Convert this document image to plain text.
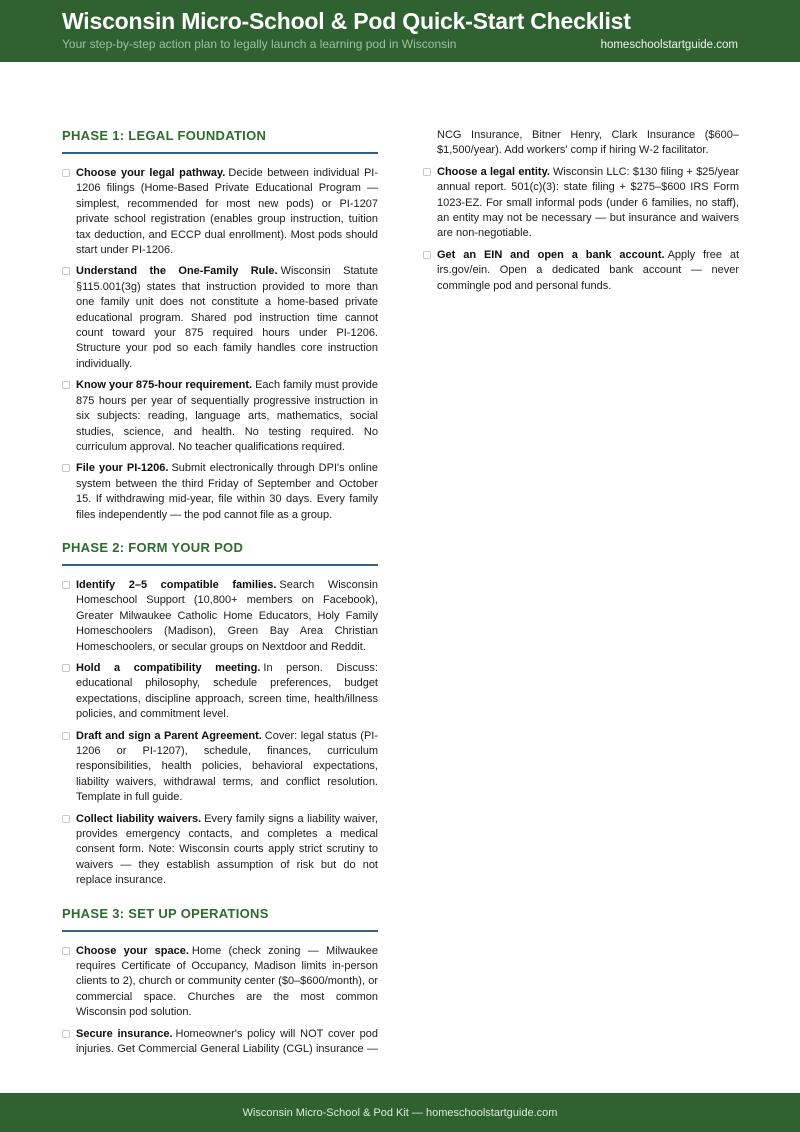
Wisconsin Micro-School & Pod Quick-Start Checklist

Your step-by-step action plan to legally launch a learning pod in Wisconsin	homeschoolstartguide.com
PHASE 1: LEGAL FOUNDATION
Choose your legal pathway. Decide between individual PI-1206 filings (Home-Based Private Educational Program — simplest, recommended for most new pods) or PI-1207 private school registration (enables group instruction, tuition tax deduction, and ECCP dual enrollment). Most pods should start under PI-1206.
Understand the One-Family Rule. Wisconsin Statute §115.001(3g) states that instruction provided to more than one family unit does not constitute a home-based private educational program. Shared pod instruction time cannot count toward your 875 required hours under PI-1206. Structure your pod so each family handles core instruction individually.
Know your 875-hour requirement. Each family must provide 875 hours per year of sequentially progressive instruction in six subjects: reading, language arts, mathematics, social studies, science, and health. No testing required. No curriculum approval. No teacher qualifications required.
File your PI-1206. Submit electronically through DPI's online system between the third Friday of September and October 15. If withdrawing mid-year, file within 30 days. Every family files independently — the pod cannot file as a group.
PHASE 2: FORM YOUR POD
Identify 2–5 compatible families. Search Wisconsin Homeschool Support (10,800+ members on Facebook), Greater Milwaukee Catholic Home Educators, Holy Family Homeschoolers (Madison), Green Bay Area Christian Homeschoolers, or secular groups on Nextdoor and Reddit.
Hold a compatibility meeting. In person. Discuss: educational philosophy, schedule preferences, budget expectations, discipline approach, screen time, health/illness policies, and commitment level.
Draft and sign a Parent Agreement. Cover: legal status (PI-1206 or PI-1207), schedule, finances, curriculum responsibilities, health policies, behavioral expectations, liability waivers, withdrawal terms, and conflict resolution. Template in full guide.
Collect liability waivers. Every family signs a liability waiver, provides emergency contacts, and completes a medical consent form. Note: Wisconsin courts apply strict scrutiny to waivers — they establish assumption of risk but do not replace insurance.
PHASE 3: SET UP OPERATIONS
Choose your space. Home (check zoning — Milwaukee requires Certificate of Occupancy, Madison limits in-person clients to 2), church or community center ($0–$600/month), or commercial space. Churches are the most common Wisconsin pod solution.
Secure insurance. Homeowner's policy will NOT cover pod injuries. Get Commercial General Liability (CGL) insurance — NCG Insurance, Bitner Henry, Clark Insurance ($600–$1,500/year). Add workers' comp if hiring W-2 facilitator.
Choose a legal entity. Wisconsin LLC: $130 filing + $25/year annual report. 501(c)(3): state filing + $275–$600 IRS Form 1023-EZ. For small informal pods (under 6 families, no staff), an entity may not be necessary — but insurance and waivers are non-negotiable.
Get an EIN and open a bank account. Apply free at irs.gov/ein. Open a dedicated bank account — never commingle pod and personal funds.
Wisconsin Micro-School & Pod Kit — homeschoolstartguide.com
